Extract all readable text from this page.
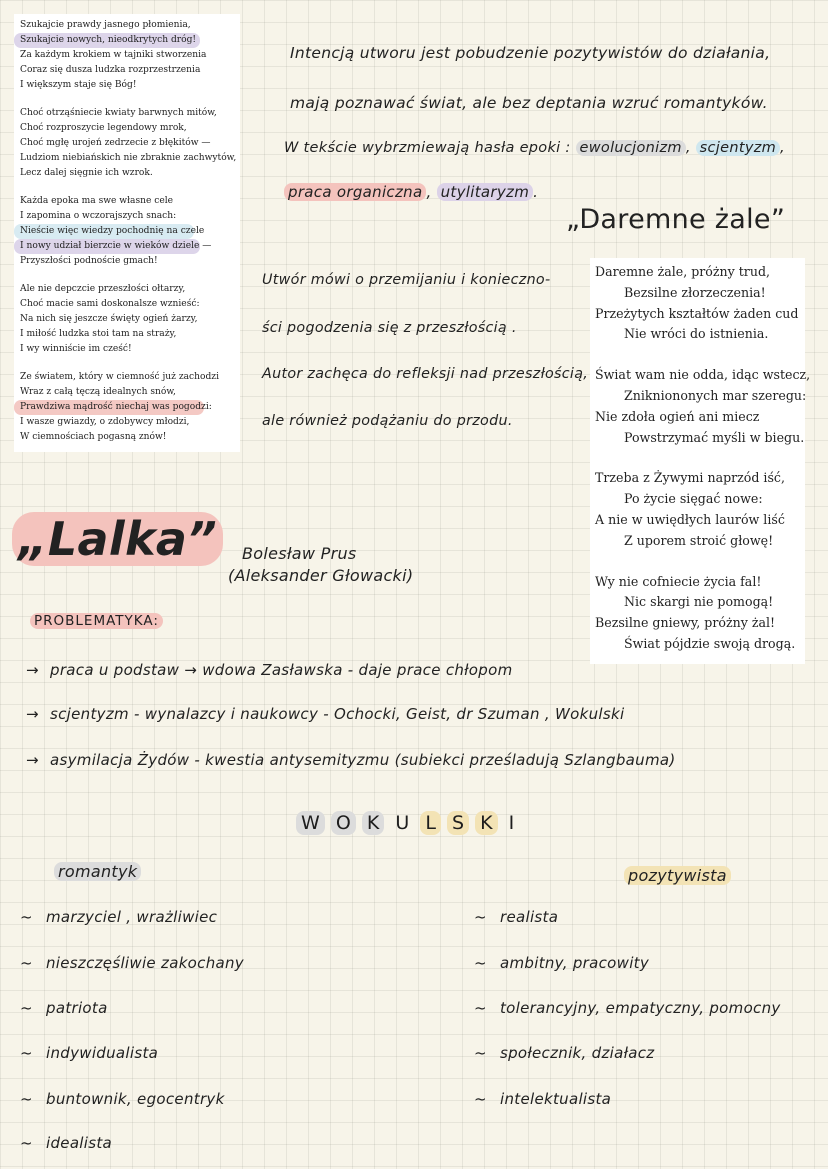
Szukajcie prawdy jasnego płomienia,
Szukajcie nowych, nieodkrytych dróg!
Za każdym krokiem w tajniki stworzenia
Coraz się dusza ludzka rozprzestrzenia
I większym staje się Bóg!
Choć otrząśniecie kwiaty barwnych mitów,
Choć rozproszycie legendowy mrok,
Choć mgłę urojeń zedrzecie z błękitów —
Ludziom niebiańskich nie zbraknie zachwytów,
Lecz dalej sięgnie ich wzrok.
Każda epoka ma swe własne cele
I zapomina o wczorajszych snach:
Nieście więc wiedzy pochodnię na czele
I nowy udział bierzcie w wieków dziele —
Przyszłości podnoście gmach!
Ale nie depczcie przeszłości ołtarzy,
Choć macie sami doskonalsze wznieść:
Na nich się jeszcze święty ogień żarzy,
I miłość ludzka stoi tam na straży,
I wy winniście im cześć!
Ze światem, który w ciemność już zachodzi
Wraz z całą tęczą idealnych snów,
Prawdziwa mądrość niechaj was pogodzi:
I wasze gwiazdy, o zdobywcy młodzi,
W ciemnościach pogasną znów!
Intencją utworu jest pobudzenie pozytywistów do działania,
mają poznawać świat, ale bez deptania wzruć romantyków.
W tekście wybrzmiewają hasła epoki : ewolucjonizm , scjentyzm ,
praca organiczna , utylitaryzm .
„Daremne żale”
Utwór mówi o przemijaniu i konieczno-
ści pogodzenia się z przeszłością .
Autor zachęca do refleksji nad przeszłością,
ale również podążaniu do przodu.
Daremne żale, próżny trud,
Bezsilne złorzeczenia!
Przeżytych kształtów żaden cud
Nie wróci do istnienia.
Świat wam nie odda, idąc wstecz,
Znikniononych mar szeregu:
Nie zdoła ogień ani miecz
Powstrzymać myśli w biegu.
Trzeba z Żywymi naprzód iść,
Po życie sięgać nowe:
A nie w uwiędłych laurów liść
Z uporem stroić głowę!
Wy nie cofniecie życia fal!
Nic skargi nie pomogą!
Bezsilne gniewy, próżny żal!
Świat pójdzie swoją drogą.
„Lalka”	Bolesław Prus
(Aleksander Głowacki)
PROBLEMATYKA:
→ praca u podstaw → wdowa Zasławska - daje prace chłopom
→ scjentyzm - wynalazcy i naukowcy - Ochocki, Geist, dr Szuman , Wokulski
→ asymilacja Żydów - kwestia antysemityzmu (subiekci prześladują Szlangbauma)
W O K U L S K I
romantyk	pozytywista
~ marzyciel , wrażliwiec
~ nieszczęśliwie zakochany
~ patriota
~ indywidualista
~ buntownik, egocentryk
~ idealista
~ realista
~ ambitny, pracowity
~ tolerancyjny, empatyczny, pomocny
~ społecznik, działacz
~ intelektualista
